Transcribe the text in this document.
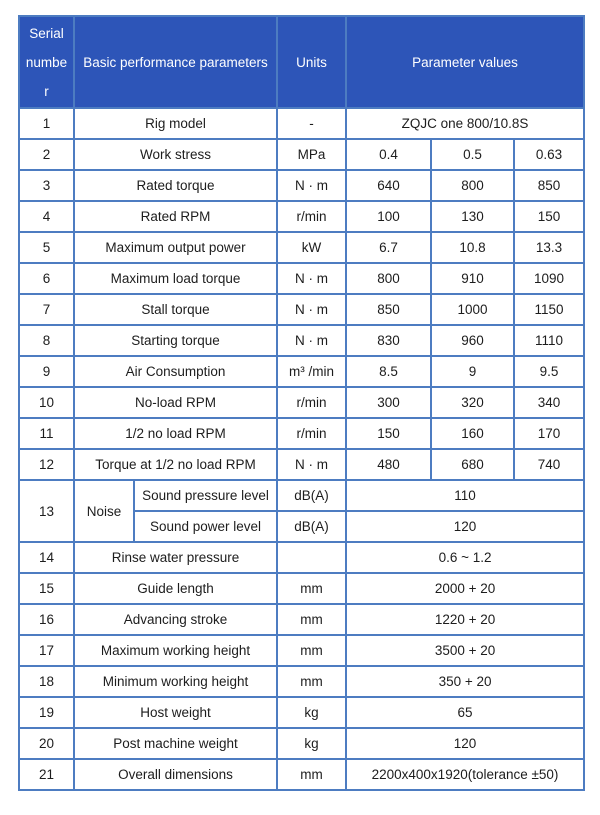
Serial number	Basic performance parameters		Units	Parameter values		
1	Rig model		-	ZQJC one 800/10.8S		
2	Work stress		MPa	0.4	0.5	0.63
3	Rated torque		N · m	640	800	850
4	Rated RPM		r/min	100	130	150
5	Maximum output power		kW	6.7	10.8	13.3
6	Maximum load torque		N · m	800	910	1090
7	Stall torque		N · m	850	1000	1150
8	Starting torque		N · m	830	960	1110
9	Air Consumption		m³ /min	8.5	9	9.5
10	No-load RPM		r/min	300	320	340
11	1/2 no load RPM		r/min	150	160	170
12	Torque at 1/2 no load RPM		N · m	480	680	740
13	Noise	Sound pressure level	dB(A)	110		
		Sound power level	dB(A)	120		
14	Rinse water pressure			0.6 ~ 1.2		
15	Guide length		mm	2000 + 20		
16	Advancing stroke		mm	1220 + 20		
17	Maximum working height		mm	3500 + 20		
18	Minimum working height		mm	350 + 20		
19	Host weight		kg	65		
20	Post machine weight		kg	120		
21	Overall dimensions		mm	2200x400x1920(tolerance ±50)		
